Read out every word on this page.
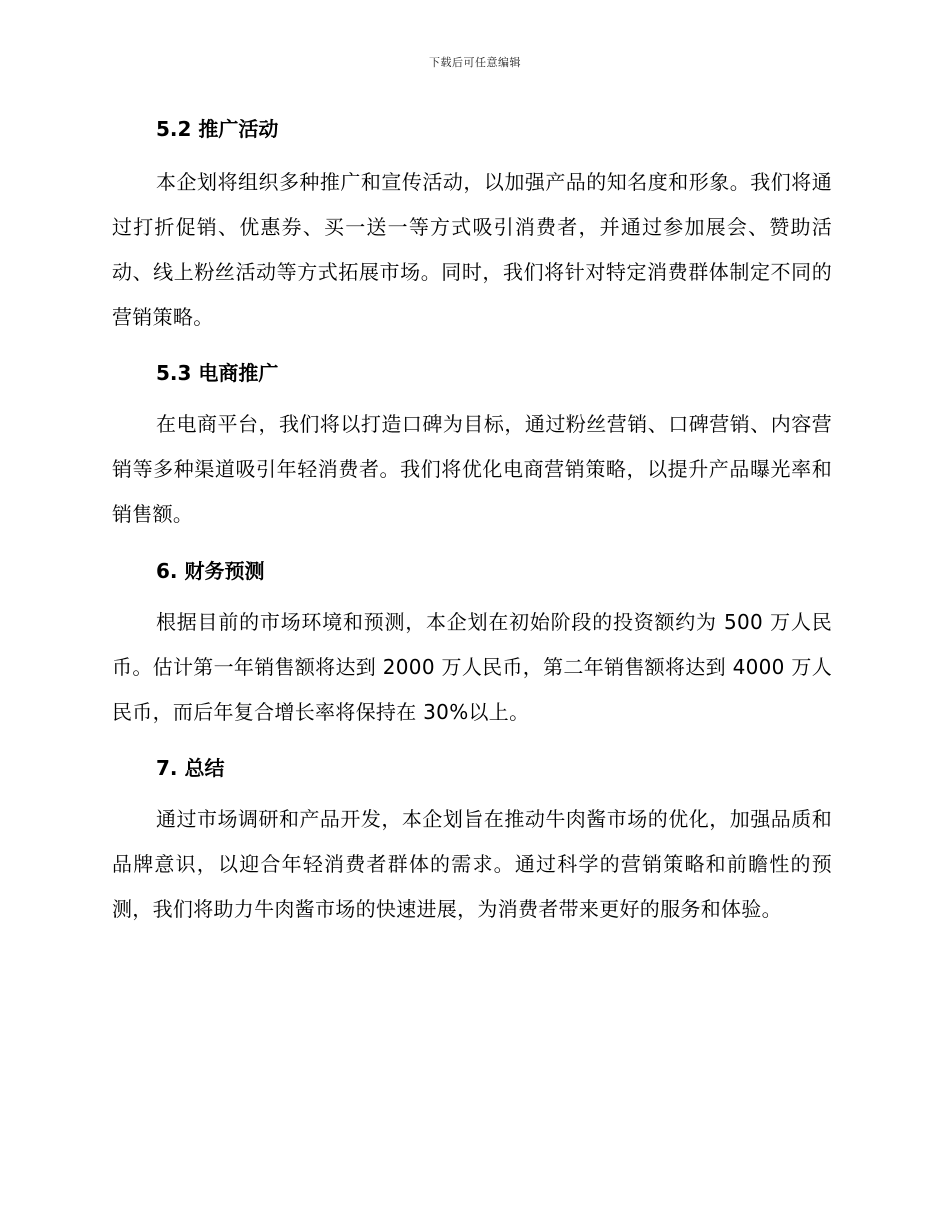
下载后可任意编辑
5.2 推广活动

本企划将组织多种推广和宣传活动，以加强产品的知名度和形象。我们将通过打折促销、优惠券、买一送一等方式吸引消费者，并通过参加展会、赞助活动、线上粉丝活动等方式拓展市场。同时，我们将针对特定消费群体制定不同的营销策略。

5.3 电商推广

在电商平台，我们将以打造口碑为目标，通过粉丝营销、口碑营销、内容营销等多种渠道吸引年轻消费者。我们将优化电商营销策略，以提升产品曝光率和销售额。

6. 财务预测

根据目前的市场环境和预测，本企划在初始阶段的投资额约为 500 万人民币。估计第一年销售额将达到 2000 万人民币，第二年销售额将达到 4000 万人民币，而后年复合增长率将保持在 30%以上。

7. 总结

通过市场调研和产品开发，本企划旨在推动牛肉酱市场的优化，加强品质和品牌意识，以迎合年轻消费者群体的需求。通过科学的营销策略和前瞻性的预测，我们将助力牛肉酱市场的快速进展，为消费者带来更好的服务和体验。
